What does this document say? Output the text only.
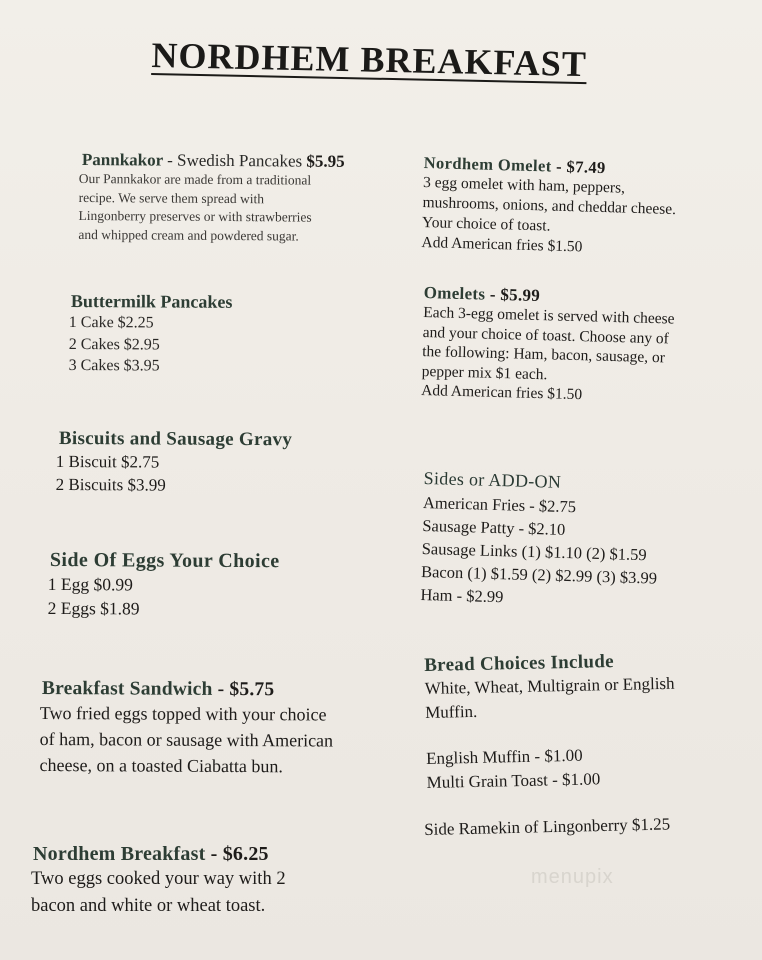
NORDHEM BREAKFAST
Pannkakor - Swedish Pancakes $5.95
Our Pannkakor are made from a traditional
recipe. We serve them spread with
Lingonberry preserves or with strawberries
and whipped cream and powdered sugar.
Buttermilk Pancakes
1 Cake $2.25
2 Cakes $2.95
3 Cakes $3.95
Biscuits and Sausage Gravy
1 Biscuit $2.75
2 Biscuits $3.99
Side Of Eggs Your Choice
1 Egg $0.99
2 Eggs $1.89
Breakfast Sandwich - $5.75
Two fried eggs topped with your choice
of ham, bacon or sausage with American
cheese, on a toasted Ciabatta bun.
Nordhem Breakfast - $6.25
Two eggs cooked your way with 2
bacon and white or wheat toast.
Nordhem Omelet - $7.49
3 egg omelet with ham, peppers,
mushrooms, onions, and cheddar cheese.
Your choice of toast.
Add American fries $1.50
Omelets - $5.99
Each 3-egg omelet is served with cheese
and your choice of toast. Choose any of
the following: Ham, bacon, sausage, or
pepper mix $1 each.
Add American fries $1.50
Sides or ADD-ON
American Fries - $2.75
Sausage Patty - $2.10
Sausage Links (1) $1.10 (2) $1.59
Bacon (1) $1.59 (2) $2.99 (3) $3.99
Ham - $2.99
Bread Choices Include
White, Wheat, Multigrain or English
Muffin.
English Muffin - $1.00
Multi Grain Toast - $1.00
Side Ramekin of Lingonberry $1.25
menupix
